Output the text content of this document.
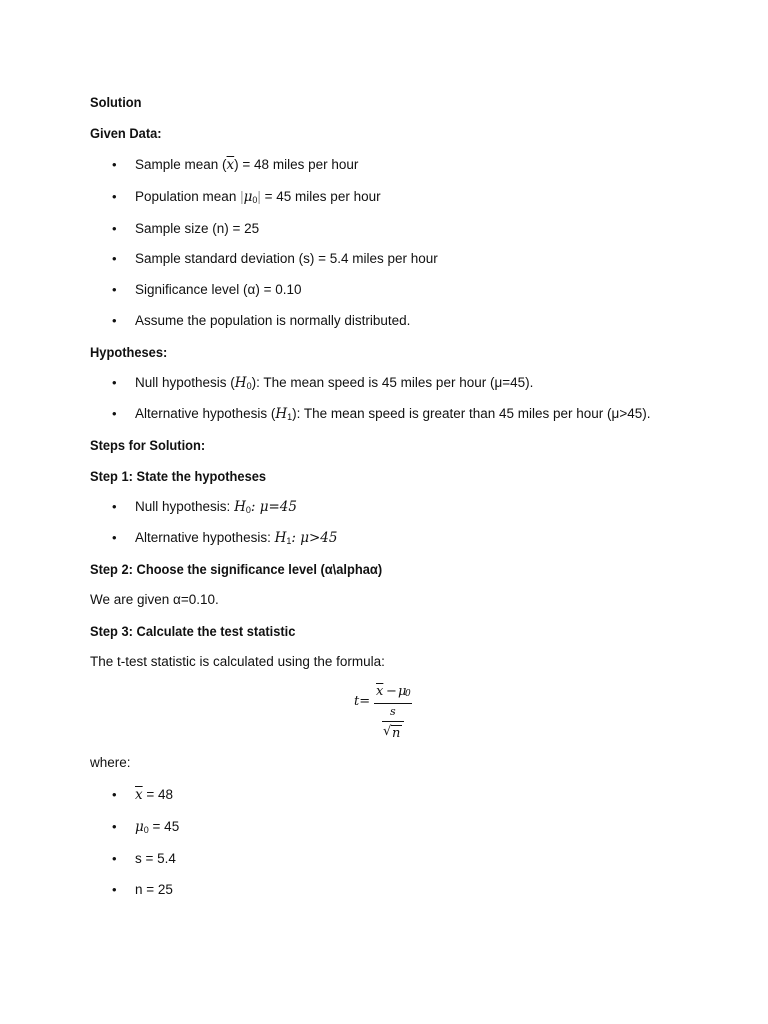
Solution
Given Data:
• Sample mean $(\overline{x}) = 48$ miles per hour
• Population mean $|\mu_0| = 45$ miles per hour
• Sample size (n) = 25
• Sample standard deviation (s) = 5.4 miles per hour
• Significance level (α) = 0.10
• Assume the population is normally distributed.
Hypotheses:
• Null hypothesis $(H_0)$: The mean speed is 45 miles per hour (μ=45).
• Alternative hypothesis $(H_1)$: The mean speed is greater than 45 miles per hour (μ>45).
Steps for Solution:
Step 1: State the hypotheses
• Null hypothesis: $H_0$: μ=45
• Alternative hypothesis: $H_1$: μ>45
Step 2: Choose the significance level (α\alphaα)
We are given α=0.10.
Step 3: Calculate the test statistic
The t-test statistic is calculated using the formula:
t=
$\overline{x} - \mu$
0
s
√ n
where:
• $\overline{x} = 48$
• $\mu_0 = 45$
• s = 5.4
• n = 25
